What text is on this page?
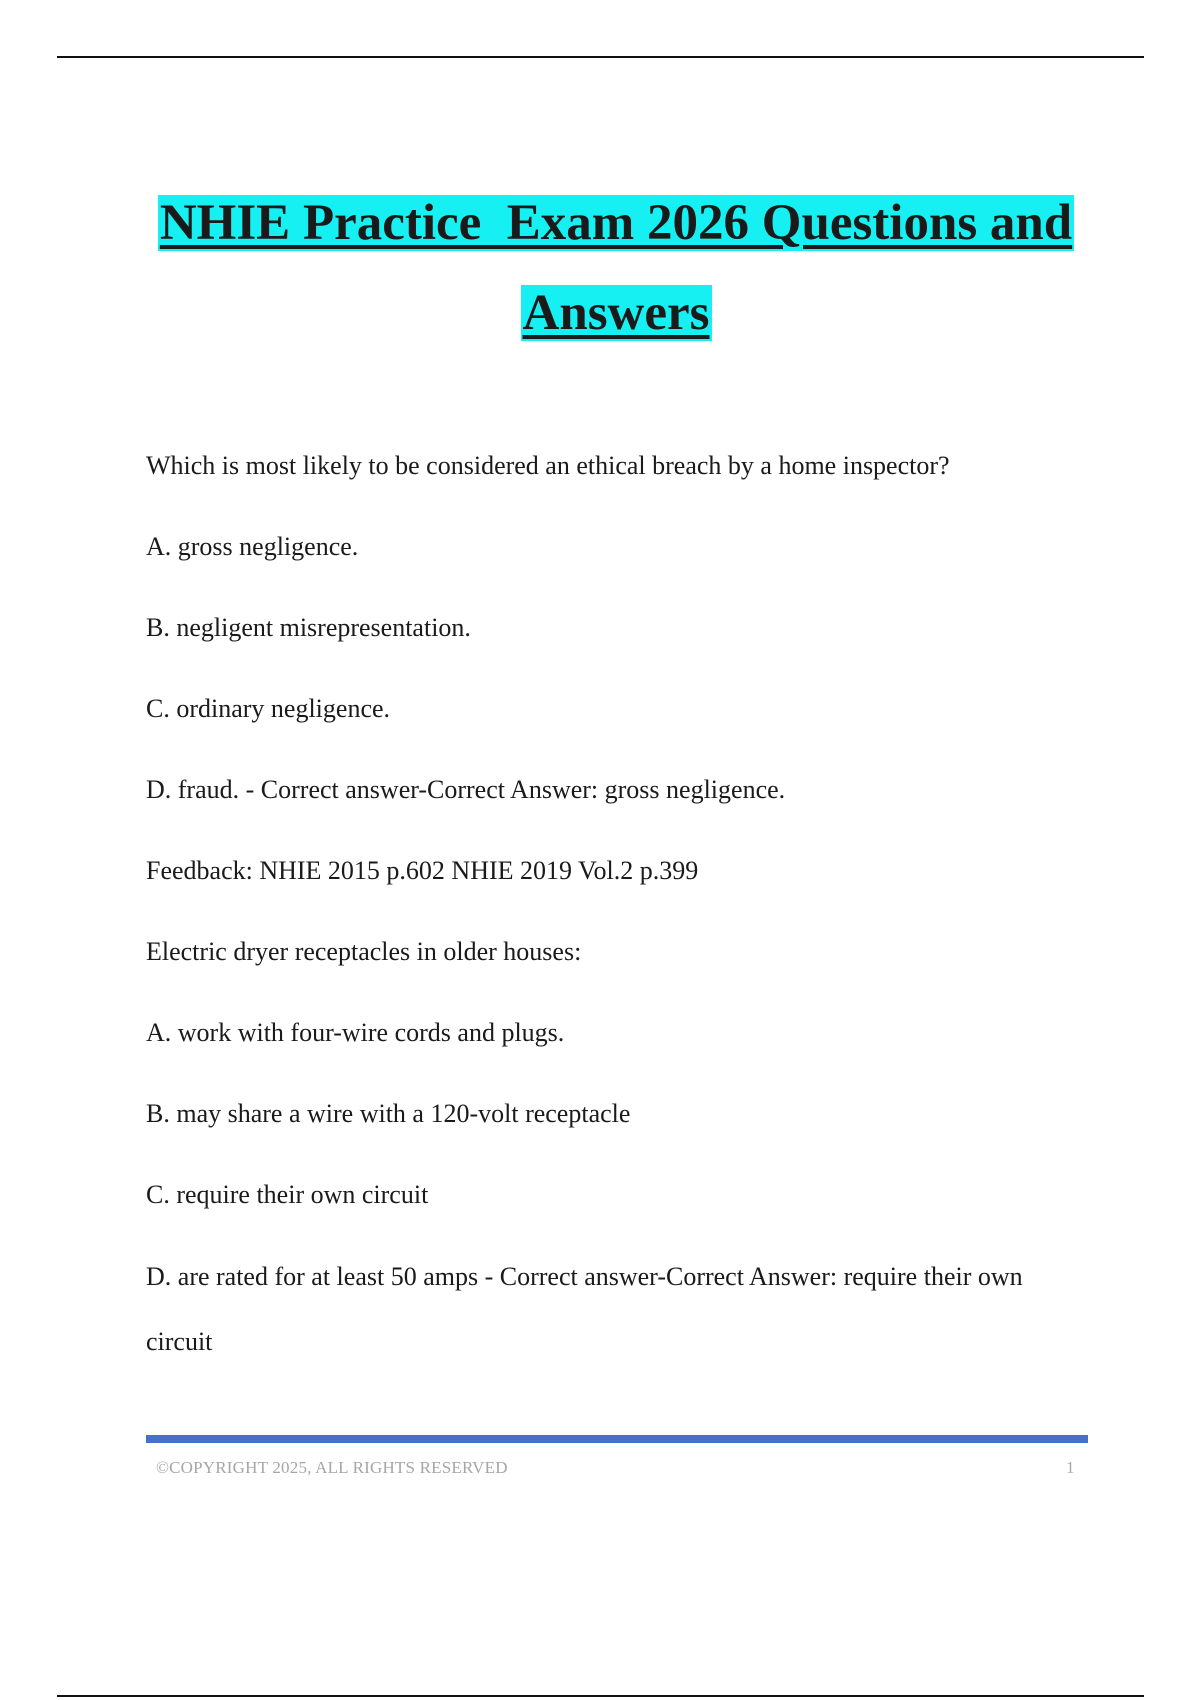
NHIE Practice  Exam 2026 Questions and
Answers

Which is most likely to be considered an ethical breach by a home inspector?

A. gross negligence.

B. negligent misrepresentation.

C. ordinary negligence.

D. fraud. - Correct answer-Correct Answer: gross negligence.

Feedback: NHIE 2015 p.602 NHIE 2019 Vol.2 p.399

Electric dryer receptacles in older houses:

A. work with four-wire cords and plugs.

B. may share a wire with a 120-volt receptacle

C. require their own circuit

D. are rated for at least 50 amps - Correct answer-Correct Answer: require their own circuit

©COPYRIGHT 2025, ALL RIGHTS RESERVED	1
